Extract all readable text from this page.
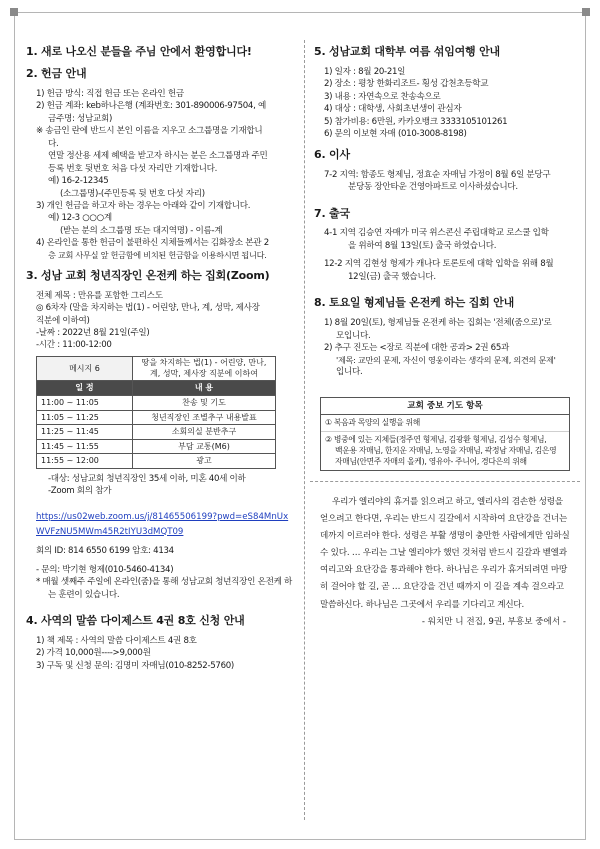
1. 새로 나오신 분들을 주님 안에서 환영합니다!
2. 헌금 안내
1) 헌금 방식: 직접 헌금 또는 온라인 헌금
2) 헌금 계좌: keb하나은행 (계좌번호: 301-890006-97504, 예
금주명: 성남교회)
※ 송금인 란에 반드시 본인 이름을 지우고 소그룹명을 기재합니
다.
연말 정산용 세제 혜택을 받고자 하시는 분은 소그룹명과 주민
등록 번호 뒷번호 처음 다섯 자리만 기재합니다.
예) 16-2-12345
(소그룹명)-(주민등록 뒷 번호 다섯 자리)
3) 개인 헌금을 하고자 하는 경우는 아래와 같이 기재합니다.
예) 12-3 ○○○계
(받는 분의 소그룹명 또는 대지역명) - 이름-계
4) 온라인을 통한 헌금이 불편하신 지체들께서는 김화장소 본관 2
층 교회 사무실 앞 헌금함에 비치된 헌금함을 이용하시면 됩니다.
3. 성남 교회 청년직장인 온전케 하는 집회(Zoom)
전체 제목 : 만유를 포함한 그리스도
◎ 6차자 (말을 차지하는 법(1) - 어린양, 만나, 계, 성막, 제사장
직분에 이하여)
-날짜 : 2022년 8월 21일(주일)
-시간 : 11:00-12:00
메시지 6	땅을 차지하는 법(1) - 어린양, 만나,
계, 성막, 제사장 직분에 이하여
일 정	내 용
11:00 ~ 11:05	찬송 및 기도
11:05 ~ 11:25	청년직장인 조별추구 내용발표
11:25 ~ 11:45	소회의실 분반추구
11:45 ~ 11:55	부담 교통(M6)
11:55 ~ 12:00	광고
-대상: 성남교회 청년직장인 35세 이하, 미혼 40세 이하
-Zoom 회의 참가
https://us02web.zoom.us/j/81465506199?pwd=eS84MnUxWVFzNU5MWm45R2tIYU3dMQT09
회의 ID: 814 6550 6199 암호: 4134
- 문의: 박기현 형제(010-5460-4134)
* 매월 셋째주 주일에 온라인(줌)을 통해 성남교회 청년직장인 온전케 하
는 훈련이 있습니다.
4. 사역의 말씀 다이제스트 4권 8호 신청 안내
1) 책 제목 : 사역의 말씀 다이제스트 4권 8호
2) 가격 10,000원---->9,000원
3) 구독 및 신청 문의: 김명미 자매님(010-8252-5760)
5. 성남교회 대학부 여름 섞임여행 안내
1) 일자 : 8월 20-21일
2) 장소 : 평창 한화리조트- 횡성 갑천초등학교
3) 내용 : 자연속으로 찬송속으로
4) 대상 : 대학생, 사회초년생이 관심자
5) 참가비용: 6만원, 카카오뱅크 3333105101261
6) 문의 이보현 자매 (010-3008-8198)
6. 이사
7-2 지역: 함종도 형제님, 정효순 자매님 가정이 8월 6일 분당구
분당동 장안타운 건영아파트로 이사하셨습니다.
7. 출국
4-1 지역 김승연 자매가 미국 위스콘신 주립대학교 로스쿨 입학
을 위하여 8월 13일(토) 출국 하였습니다.
12-2 지역 김현성 형제가 캐나다 토론토에 대학 입학을 위해 8월
12일(금) 출국 했습니다.
8. 토요일 형제님들 온전케 하는 집회 안내
1) 8월 20일(토), 형제님들 온전케 하는 집회는 '전체(줌으로)'로
모입니다.
2) 추구 진도는 <장로 직분에 대한 공과> 2권 65과
'제목: 교만의 문제, 자신이 영웅이라는 생각의 문제, 의견의 문제'
입니다.
교회 중보 기도 항목
① 복음과 목양의 실행을 위해
② 병중에 있는 지체들(정주연 형제님, 김광환 형제님, 김성수 형제님,
백운용 자매님, 한지운 자매님, 노영을 자매님, 곽정남 자매님, 김은영 자매님(안면주 자매의 올케), 영유아- 주니어, 경다은의 위해
우리가 엘리야의 휴거를 읽으려고 하고, 엘리사의 겸손한 성령을 얻으려고 한다면, 우리는 반드시 길갈에서 시작하여 요단강을 건너는 데까지 이르러야 한다. 성령은 부활 생명이 충만한 사람에게만 임하실 수 있다. … 우리는 그날 엘리야가 했던 것처럼 반드시 길갈과 벧엘과 여리고와 요단강을 통과해야 한다. 하나님은 우리가 휴거되려면 마땅히 걸어야 할 길, 곧 … 요단강을 건넌 때까지 이 길을 계속 걸으라고 말씀하신다. 하나님은 그곳에서 우리를 기다리고 계신다.
- 워치만 니 전집, 9권, 부흥보 중에서 -
